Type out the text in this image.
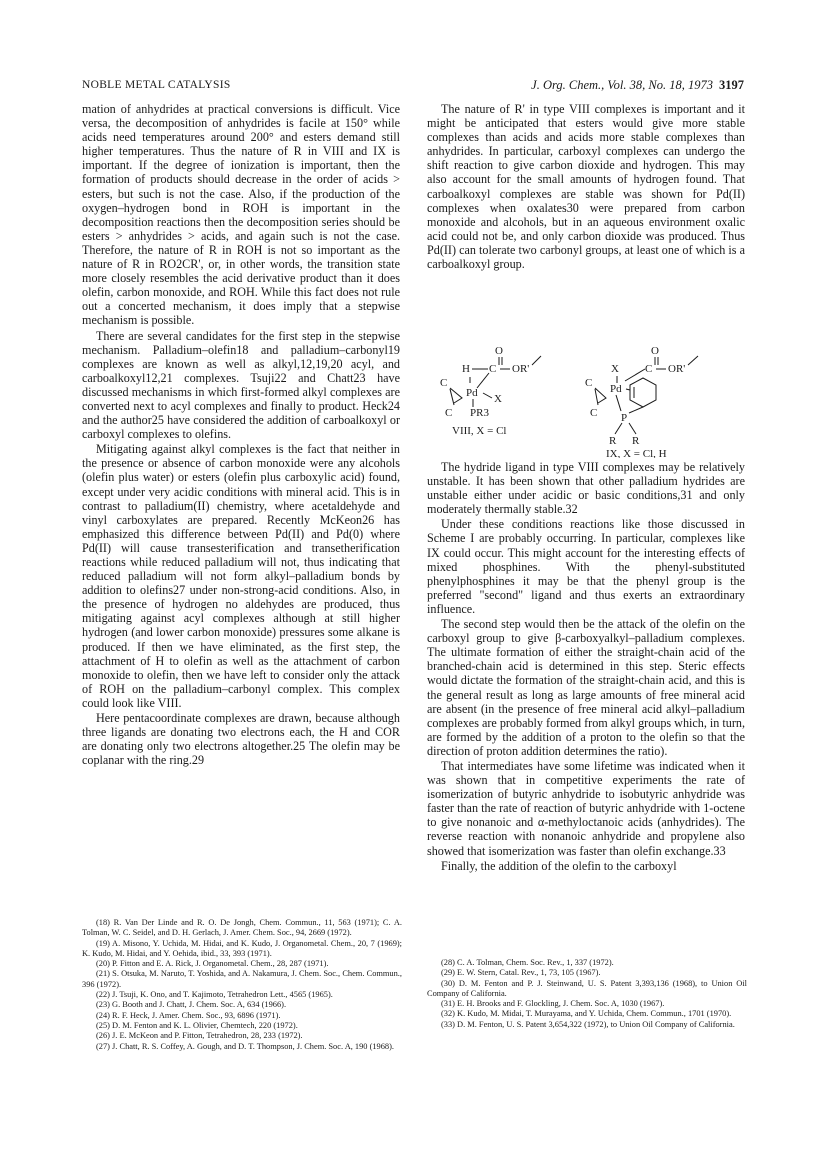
NOBLE METAL CATALYSIS	J. Org. Chem., Vol. 38, No. 18, 1973 3197

mation of anhydrides at practical conversions is difficult. Vice versa, the decomposition of anhydrides is facile at 150° while acids need temperatures around 200° and esters demand still higher temperatures. Thus the nature of R in VIII and IX is important. If the degree of ionization is important, then the formation of products should decrease in the order of acids > esters, but such is not the case. Also, if the production of the oxygen–hydrogen bond in ROH is important in the decomposition reactions then the decomposition series should be esters > anhydrides > acids, and again such is not the case. Therefore, the nature of R in ROH is not so important as the nature of R in RO2CR', or, in other words, the transition state more closely resembles the acid derivative product than it does olefin, carbon monoxide, and ROH. While this fact does not rule out a concerted mechanism, it does imply that a stepwise mechanism is possible.

There are several candidates for the first step in the stepwise mechanism. Palladium–olefin18 and palladium–carbonyl19 complexes are known as well as alkyl,12,19,20 acyl, and carboalkoxyl12,21 complexes. Tsuji22 and Chatt23 have discussed mechanisms in which first-formed alkyl complexes are converted next to acyl complexes and finally to product. Heck24 and the author25 have considered the addition of carboalkoxyl or carboxyl complexes to olefins.

Mitigating against alkyl complexes is the fact that neither in the presence or absence of carbon monoxide were any alcohols (olefin plus water) or esters (olefin plus carboxylic acid) found, except under very acidic conditions with mineral acid. This is in contrast to palladium(II) chemistry, where acetaldehyde and vinyl carboxylates are prepared. Recently McKeon26 has emphasized this difference between Pd(II) and Pd(0) where Pd(II) will cause transesterification and transetherification reactions while reduced palladium will not, thus indicating that reduced palladium will not form alkyl–palladium bonds by addition to olefins27 under non-strong-acid conditions. Also, in the presence of hydrogen no aldehydes are produced, thus mitigating against acyl complexes although at still higher hydrogen (and lower carbon monoxide) pressures some alkane is produced. If then we have eliminated, as the first step, the attachment of H to olefin as well as the attachment of carbon monoxide to olefin, then we have left to consider only the attack of ROH on the palladium–carbonyl complex. This complex could look like VIII.

Here pentacoordinate complexes are drawn, because although three ligands are donating two electrons each, the H and COR are donating only two electrons altogether.25 The olefin may be coplanar with the ring.29

The nature of R' in type VIII complexes is important and it might be anticipated that esters would give more stable complexes than acids and acids more stable complexes than anhydrides. In particular, carboxyl complexes can undergo the shift reaction to give carbon dioxide and hydrogen. This may also account for the small amounts of hydrogen found. That carboalkoxyl complexes are stable was shown for Pd(II) complexes when oxalates30 were prepared from carbon monoxide and alcohols, but in an aqueous environment oxalic acid could not be, and only carbon dioxide was produced. Thus Pd(II) can tolerate two carbonyl groups, at least one of which is a carboalkoxyl group.

O
H C OR'
C
Pd X
C PR3
VIII, X = Cl
O
X C OR'
C Pd
C P
R R
IX, X = Cl, H

The hydride ligand in type VIII complexes may be relatively unstable. It has been shown that other palladium hydrides are unstable either under acidic or basic conditions,31 and only moderately thermally stable.32

Under these conditions reactions like those discussed in Scheme I are probably occurring. In particular, complexes like IX could occur. This might account for the interesting effects of mixed phosphines. With the phenyl-substituted phenylphosphines it may be that the phenyl group is the preferred "second" ligand and thus exerts an extraordinary influence.

The second step would then be the attack of the olefin on the carboxyl group to give β-carboxyalkyl–palladium complexes. The ultimate formation of either the straight-chain acid of the branched-chain acid is determined in this step. Steric effects would dictate the formation of the straight-chain acid, and this is the general result as long as large amounts of free mineral acid are absent (in the presence of free mineral acid alkyl–palladium complexes are probably formed from alkyl groups which, in turn, are formed by the addition of a proton to the olefin so that the direction of proton addition determines the ratio).

That intermediates have some lifetime was indicated when it was shown that in competitive experiments the rate of isomerization of butyric anhydride to isobutyric anhydride was faster than the rate of reaction of butyric anhydride with 1-octene to give nonanoic and α-methyloctanoic acids (anhydrides). The reverse reaction with nonanoic anhydride and propylene also showed that isomerization was faster than olefin exchange.33

Finally, the addition of the olefin to the carboxyl

(18) R. Van Der Linde and R. O. De Jongh, Chem. Commun., 11, 563 (1971); C. A. Tolman, W. C. Seidel, and D. H. Gerlach, J. Amer. Chem. Soc., 94, 2669 (1972).
(19) A. Misono, Y. Uchida, M. Hidai, and K. Kudo, J. Organometal. Chem., 20, 7 (1969); K. Kudo, M. Hidai, and Y. Oehida, ibid., 33, 393 (1971).
(20) P. Fitton and E. A. Rick, J. Organometal. Chem., 28, 287 (1971).
(21) S. Otsuka, M. Naruto, T. Yoshida, and A. Nakamura, J. Chem. Soc., Chem. Commun., 396 (1972).
(22) J. Tsuji, K. Ono, and T. Kajimoto, Tetrahedron Lett., 4565 (1965).
(23) G. Booth and J. Chatt, J. Chem. Soc. A, 634 (1966).
(24) R. F. Heck, J. Amer. Chem. Soc., 93, 6896 (1971).
(25) D. M. Fenton and K. L. Olivier, Chemtech, 220 (1972).
(26) J. E. McKeon and P. Fitton, Tetrahedron, 28, 233 (1972).
(27) J. Chatt, R. S. Coffey, A. Gough, and D. T. Thompson, J. Chem. Soc. A, 190 (1968).
(28) C. A. Tolman, Chem. Soc. Rev., 1, 337 (1972).
(29) E. W. Stern, Catal. Rev., 1, 73, 105 (1967).
(30) D. M. Fenton and P. J. Steinwand, U. S. Patent 3,393,136 (1968), to Union Oil Company of California.
(31) E. H. Brooks and F. Glockling, J. Chem. Soc. A, 1030 (1967).
(32) K. Kudo, M. Midai, T. Murayama, and Y. Uchida, Chem. Commun., 1701 (1970).
(33) D. M. Fenton, U. S. Patent 3,654,322 (1972), to Union Oil Company of California.
